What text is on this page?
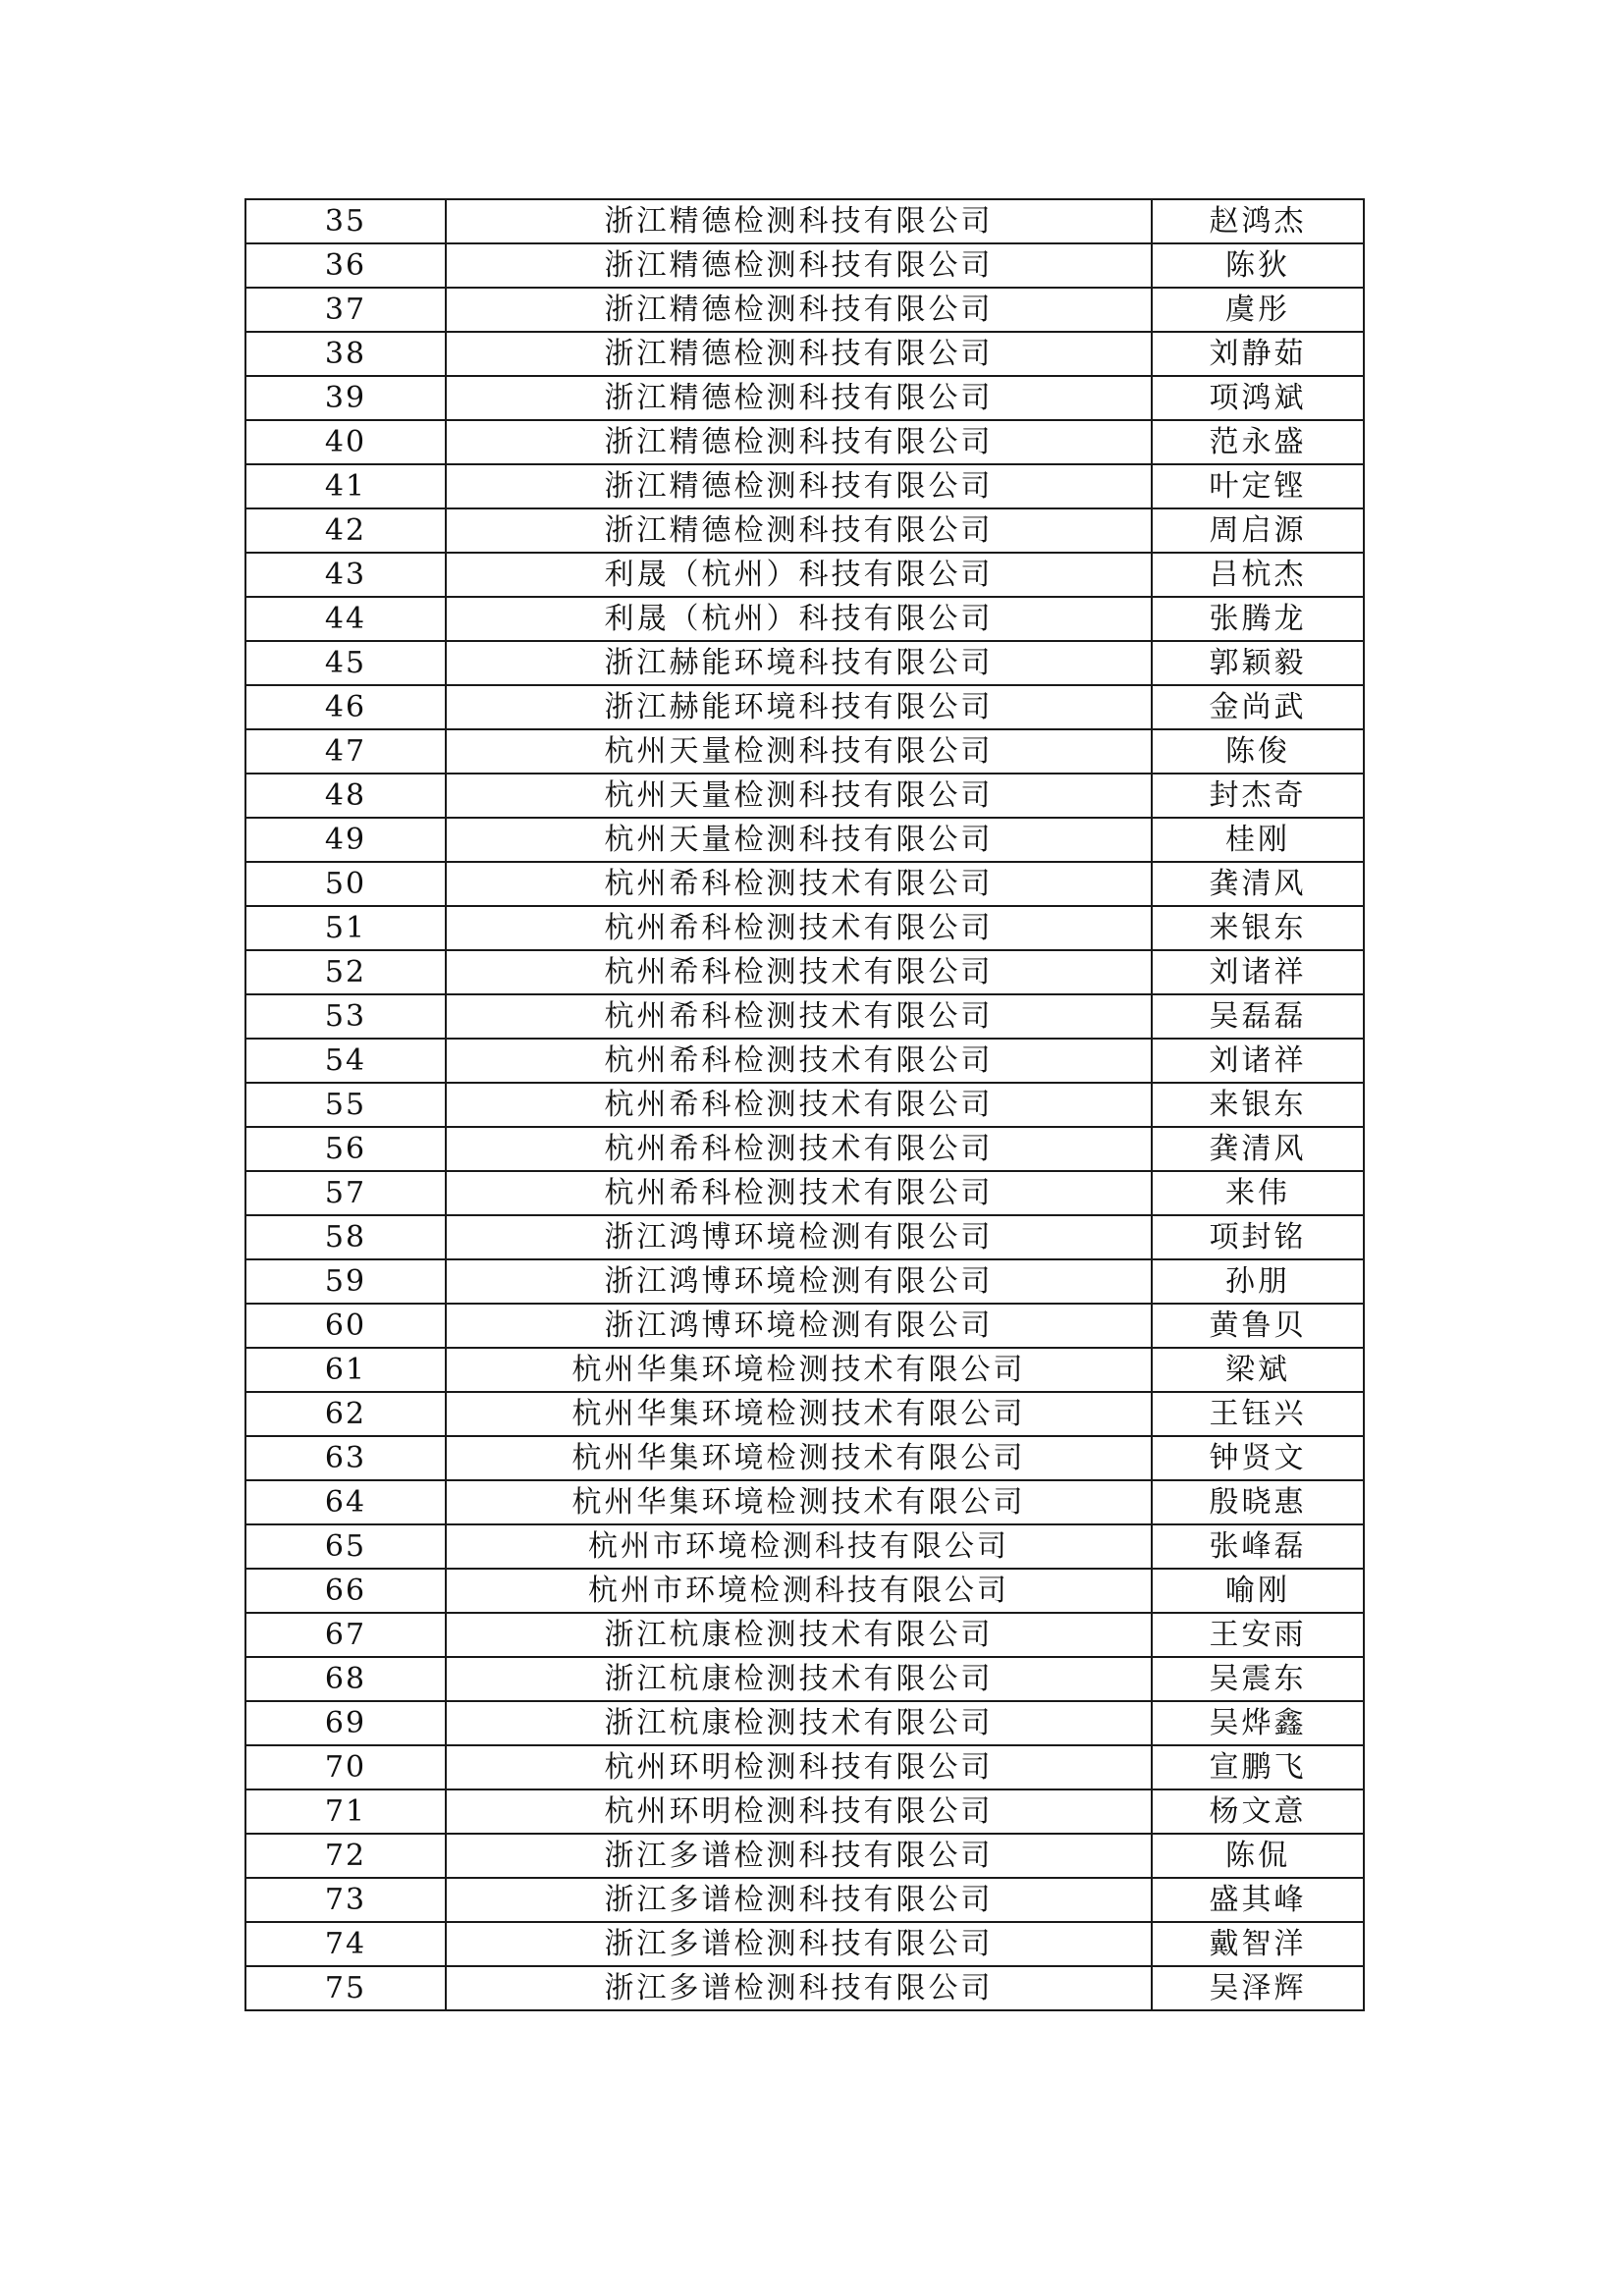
35	浙江精德检测科技有限公司	赵鸿杰
36	浙江精德检测科技有限公司	陈狄
37	浙江精德检测科技有限公司	虞彤
38	浙江精德检测科技有限公司	刘静茹
39	浙江精德检测科技有限公司	项鸿斌
40	浙江精德检测科技有限公司	范永盛
41	浙江精德检测科技有限公司	叶定铿
42	浙江精德检测科技有限公司	周启源
43	利晟（杭州）科技有限公司	吕杭杰
44	利晟（杭州）科技有限公司	张腾龙
45	浙江赫能环境科技有限公司	郭颖毅
46	浙江赫能环境科技有限公司	金尚武
47	杭州天量检测科技有限公司	陈俊
48	杭州天量检测科技有限公司	封杰奇
49	杭州天量检测科技有限公司	桂刚
50	杭州希科检测技术有限公司	龚清风
51	杭州希科检测技术有限公司	来银东
52	杭州希科检测技术有限公司	刘诸祥
53	杭州希科检测技术有限公司	吴磊磊
54	杭州希科检测技术有限公司	刘诸祥
55	杭州希科检测技术有限公司	来银东
56	杭州希科检测技术有限公司	龚清风
57	杭州希科检测技术有限公司	来伟
58	浙江鸿博环境检测有限公司	项封铭
59	浙江鸿博环境检测有限公司	孙朋
60	浙江鸿博环境检测有限公司	黄鲁贝
61	杭州华集环境检测技术有限公司	梁斌
62	杭州华集环境检测技术有限公司	王钰兴
63	杭州华集环境检测技术有限公司	钟贤文
64	杭州华集环境检测技术有限公司	殷晓惠
65	杭州市环境检测科技有限公司	张峰磊
66	杭州市环境检测科技有限公司	喻刚
67	浙江杭康检测技术有限公司	王安雨
68	浙江杭康检测技术有限公司	吴震东
69	浙江杭康检测技术有限公司	吴烨鑫
70	杭州环明检测科技有限公司	宣鹏飞
71	杭州环明检测科技有限公司	杨文意
72	浙江多谱检测科技有限公司	陈侃
73	浙江多谱检测科技有限公司	盛其峰
74	浙江多谱检测科技有限公司	戴智洋
75	浙江多谱检测科技有限公司	吴泽辉
